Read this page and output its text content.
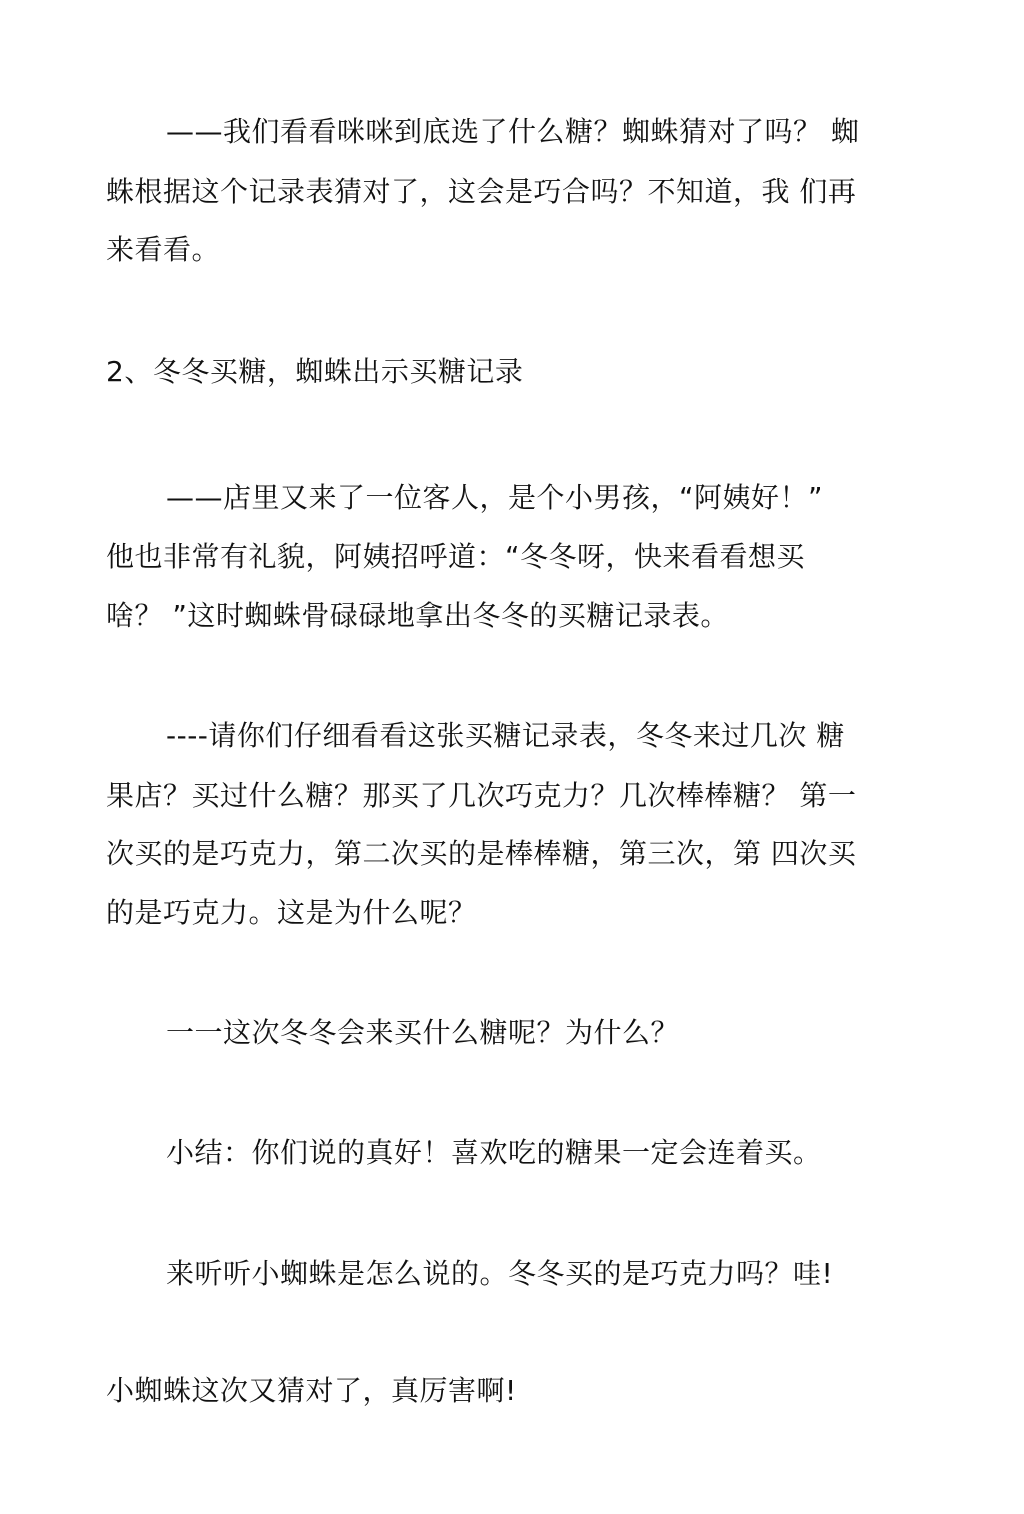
——我们看看咪咪到底选了什么糖？蜘蛛猜对了吗？ 蜘
蛛根据这个记录表猜对了，这会是巧合吗？不知道，我 们再
来看看。
2、冬冬买糖，蜘蛛出示买糖记录
——店里又来了一位客人，是个小男孩，“阿姨好！”
他也非常有礼貌，阿姨招呼道：“冬冬呀，快来看看想买
啥？ ”这时蜘蛛骨碌碌地拿出冬冬的买糖记录表。
----请你们仔细看看这张买糖记录表，冬冬来过几次 糖
果店？买过什么糖？那买了几次巧克力？几次棒棒糖？ 第一
次买的是巧克力，第二次买的是棒棒糖，第三次，第 四次买
的是巧克力。这是为什么呢？
一一这次冬冬会来买什么糖呢？为什么？
小结：你们说的真好！喜欢吃的糖果一定会连着买。
来听听小蜘蛛是怎么说的。冬冬买的是巧克力吗？哇!
小蜘蛛这次又猜对了，真厉害啊!
